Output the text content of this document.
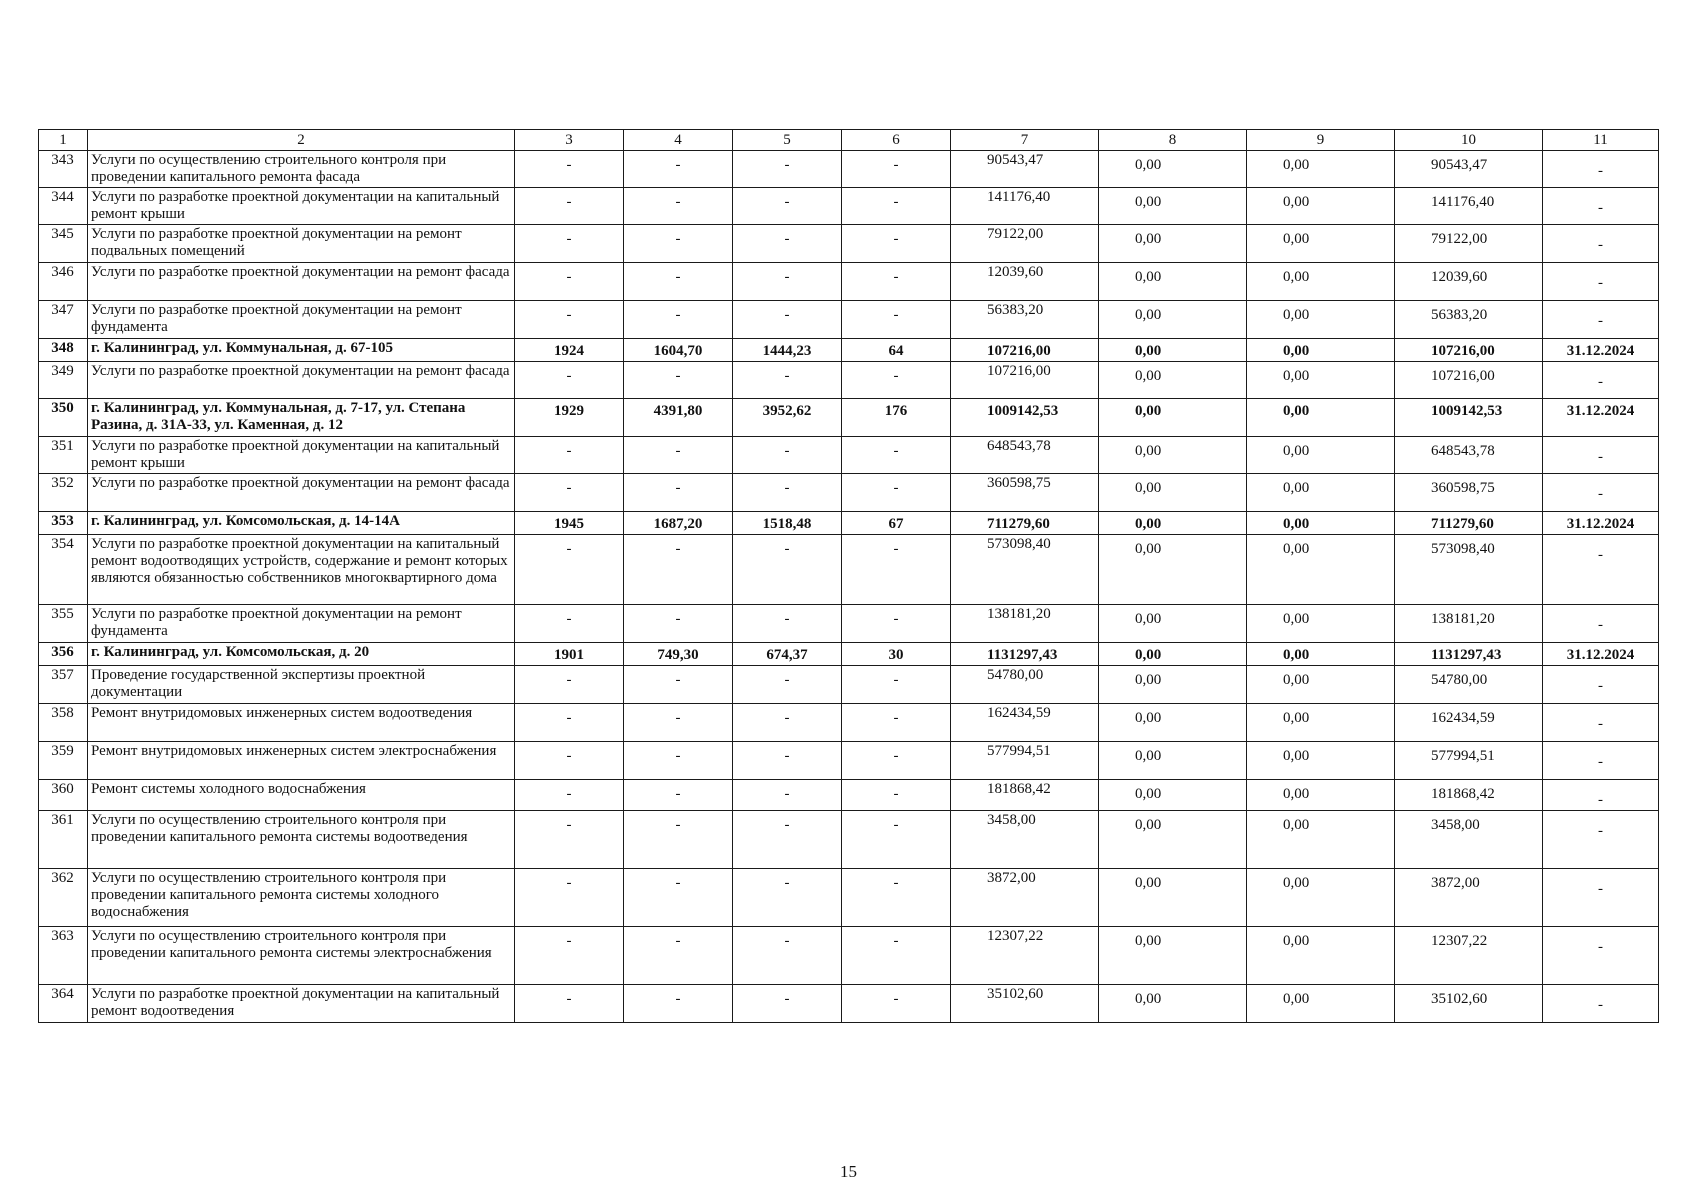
1	2	3	4	5	6	7	8	9	10	11
343	Услуги по осуществлению строительного контроля при проведении капитального ремонта фасада	-	-	-	-	90543,47	0,00	0,00	90543,47	-
344	Услуги по разработке проектной документации на капитальный ремонт крыши	-	-	-	-	141176,40	0,00	0,00	141176,40	-
345	Услуги по разработке проектной документации на ремонт подвальных помещений	-	-	-	-	79122,00	0,00	0,00	79122,00	-
346	Услуги по разработке проектной документации на ремонт фасада	-	-	-	-	12039,60	0,00	0,00	12039,60	-
347	Услуги по разработке проектной документации на ремонт фундамента	-	-	-	-	56383,20	0,00	0,00	56383,20	-
348	г. Калининград, ул. Коммунальная, д. 67-105	1924	1604,70	1444,23	64	107216,00	0,00	0,00	107216,00	31.12.2024
349	Услуги по разработке проектной документации на ремонт фасада	-	-	-	-	107216,00	0,00	0,00	107216,00	-
350	г. Калининград, ул. Коммунальная, д. 7-17, ул. Степана Разина, д. 31А-33, ул. Каменная, д. 12	1929	4391,80	3952,62	176	1009142,53	0,00	0,00	1009142,53	31.12.2024
351	Услуги по разработке проектной документации на капитальный ремонт крыши	-	-	-	-	648543,78	0,00	0,00	648543,78	-
352	Услуги по разработке проектной документации на ремонт фасада	-	-	-	-	360598,75	0,00	0,00	360598,75	-
353	г. Калининград, ул. Комсомольская, д. 14-14А	1945	1687,20	1518,48	67	711279,60	0,00	0,00	711279,60	31.12.2024
354	Услуги по разработке проектной документации на капитальный ремонт водоотводящих устройств, содержание и ремонт которых являются обязанностью собственников многоквартирного дома	-	-	-	-	573098,40	0,00	0,00	573098,40	-
355	Услуги по разработке проектной документации на ремонт фундамента	-	-	-	-	138181,20	0,00	0,00	138181,20	-
356	г. Калининград, ул. Комсомольская, д. 20	1901	749,30	674,37	30	1131297,43	0,00	0,00	1131297,43	31.12.2024
357	Проведение государственной экспертизы проектной документации	-	-	-	-	54780,00	0,00	0,00	54780,00	-
358	Ремонт внутридомовых инженерных систем водоотведения	-	-	-	-	162434,59	0,00	0,00	162434,59	-
359	Ремонт внутридомовых инженерных систем электроснабжения	-	-	-	-	577994,51	0,00	0,00	577994,51	-
360	Ремонт системы холодного водоснабжения	-	-	-	-	181868,42	0,00	0,00	181868,42	-
361	Услуги по осуществлению строительного контроля при проведении капитального ремонта системы водоотведения	-	-	-	-	3458,00	0,00	0,00	3458,00	-
362	Услуги по осуществлению строительного контроля при проведении капитального ремонта системы холодного водоснабжения	-	-	-	-	3872,00	0,00	0,00	3872,00	-
363	Услуги по осуществлению строительного контроля при проведении капитального ремонта системы электроснабжения	-	-	-	-	12307,22	0,00	0,00	12307,22	-
364	Услуги по разработке проектной документации на капитальный ремонт водоотведения	-	-	-	-	35102,60	0,00	0,00	35102,60	-
15
